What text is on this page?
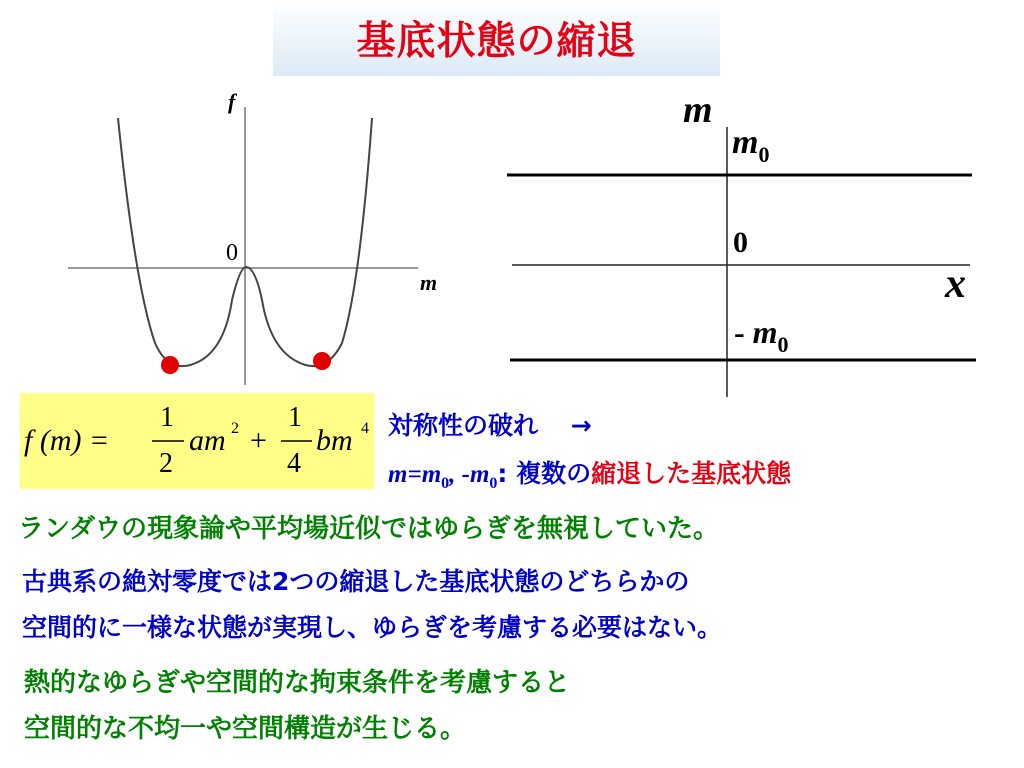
基底状態の縮退
f
0
m
m
$m_0$
0
x
- $m_0$
f (m) =
1
2
am 2 +
1
4
bm 4 対称性の破れ →
$m=m_0$, $-m_0$: 複数の縮退した基底状態
ランダウの現象論や平均場近似ではゆらぎを無視していた。
古典系の絶対零度では2つの縮退した基底状態のどちらかの
空間的に一様な状態が実現し、ゆらぎを考慮する必要はない。
熱的なゆらぎや空間的な拘束条件を考慮すると
空間的な不均一や空間構造が生じる。
